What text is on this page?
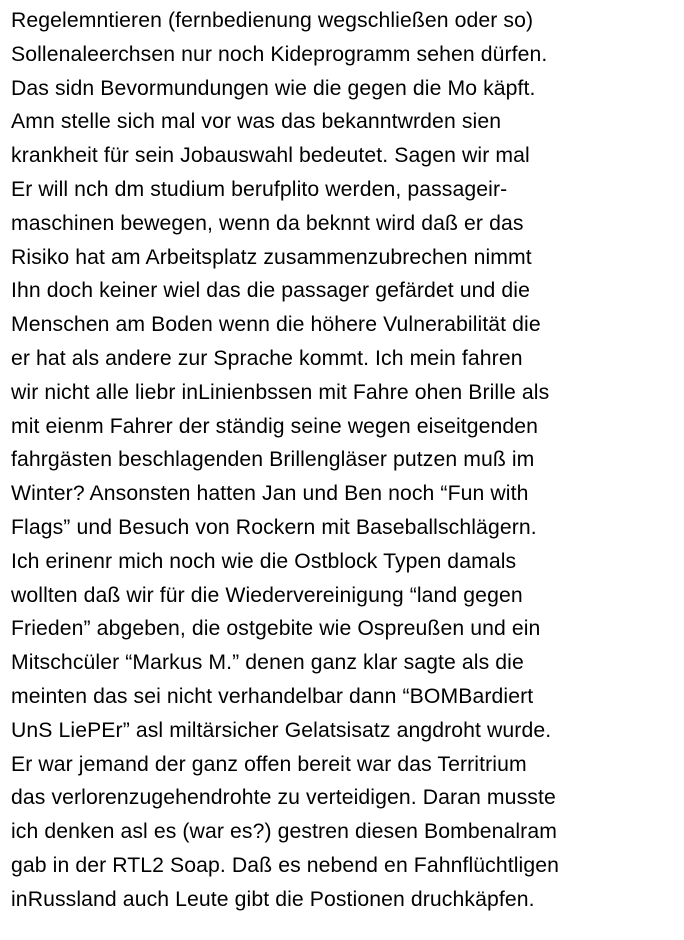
Regelemntieren (fernbedienung wegschließen oder so)
Sollenaleerchsen nur noch Kideprogramm sehen dürfen.
Das sidn Bevormundungen wie die gegen die Mo käpft.
Amn stelle sich mal vor was das bekanntwrden sien
krankheit für sein Jobauswahl bedeutet. Sagen wir mal
Er will nch dm studium berufplito werden, passageir-
maschinen bewegen, wenn da beknnt wird daß er das
Risiko hat am Arbeitsplatz zusammenzubrechen nimmt
Ihn doch keiner wiel das die passager gefärdet und die
Menschen am Boden wenn die höhere Vulnerabilität die
er hat als andere zur Sprache kommt. Ich mein fahren
wir nicht alle liebr inLinienbssen mit Fahre ohen Brille als
mit eienm Fahrer der ständig seine wegen eiseitgenden
fahrgästen beschlagenden Brillengläser putzen muß im
Winter? Ansonsten hatten Jan und Ben noch “Fun with
Flags” und Besuch von Rockern mit Baseballschlägern.
Ich erinenr mich noch wie die Ostblock Typen damals
wollten daß wir für die Wiedervereinigung “land gegen
Frieden” abgeben, die ostgebite wie Ospreußen und ein
Mitschcüler “Markus M.” denen ganz klar sagte als die
meinten das sei nicht verhandelbar dann “BOMBardiert
UnS LiePEr” asl miltärsicher Gelatsisatz angdroht wurde.
Er war jemand der ganz offen bereit war das Territrium
das verlorenzugehendrohte zu verteidigen. Daran musste
ich denken asl es (war es?) gestren diesen Bombenalram
gab in der RTL2 Soap. Daß es nebend en Fahnflüchtligen
inRussland auch Leute gibt die Postionen druchkäpfen.
